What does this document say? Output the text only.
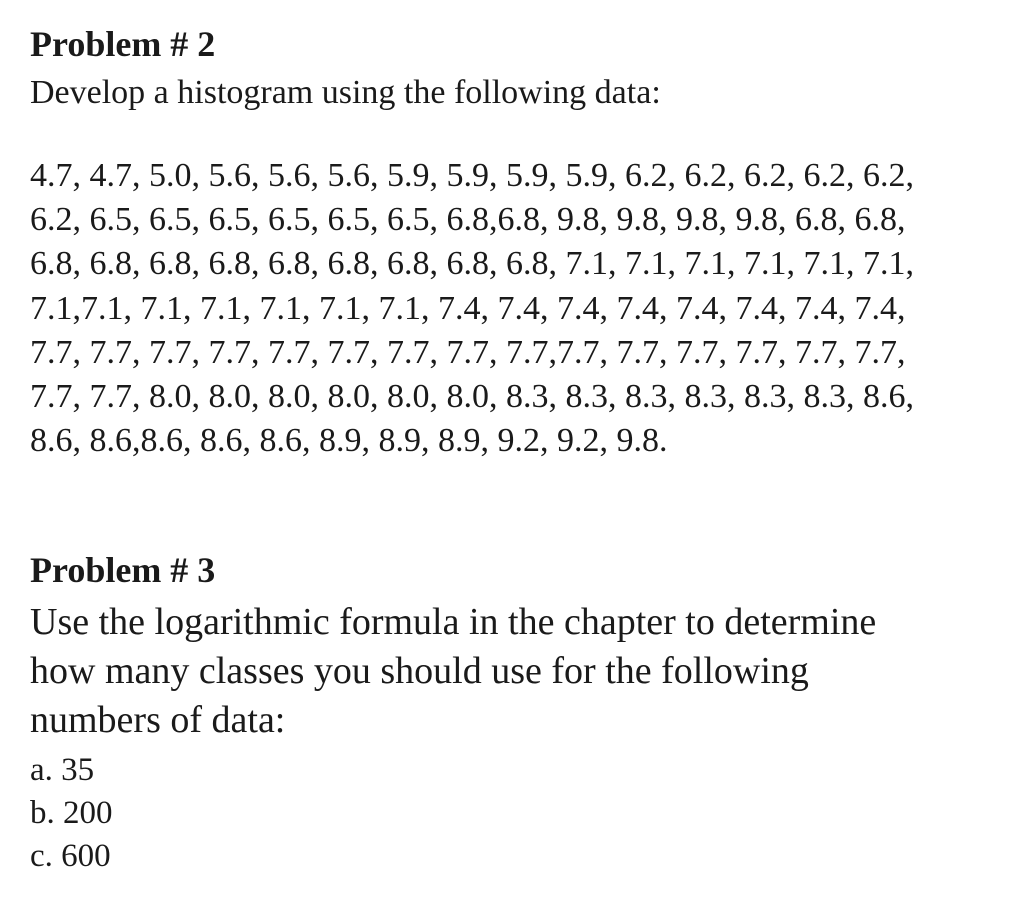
Problem # 2

Develop a histogram using the following data:

4.7, 4.7, 5.0, 5.6, 5.6, 5.6, 5.9, 5.9, 5.9, 5.9, 6.2, 6.2, 6.2, 6.2, 6.2,
6.2, 6.5, 6.5, 6.5, 6.5, 6.5, 6.5, 6.8,6.8, 9.8, 9.8, 9.8, 9.8, 6.8, 6.8,
6.8, 6.8, 6.8, 6.8, 6.8, 6.8, 6.8, 6.8, 6.8, 7.1, 7.1, 7.1, 7.1, 7.1, 7.1,
7.1,7.1, 7.1, 7.1, 7.1, 7.1, 7.1, 7.4, 7.4, 7.4, 7.4, 7.4, 7.4, 7.4, 7.4,
7.7, 7.7, 7.7, 7.7, 7.7, 7.7, 7.7, 7.7, 7.7,7.7, 7.7, 7.7, 7.7, 7.7, 7.7,
7.7, 7.7, 8.0, 8.0, 8.0, 8.0, 8.0, 8.0, 8.3, 8.3, 8.3, 8.3, 8.3, 8.3, 8.6,
8.6, 8.6,8.6, 8.6, 8.6, 8.9, 8.9, 8.9, 9.2, 9.2, 9.8.
Problem # 3

Use the logarithmic formula in the chapter to determine
how many classes you should use for the following
numbers of data:

a. 35
b. 200
c. 600
